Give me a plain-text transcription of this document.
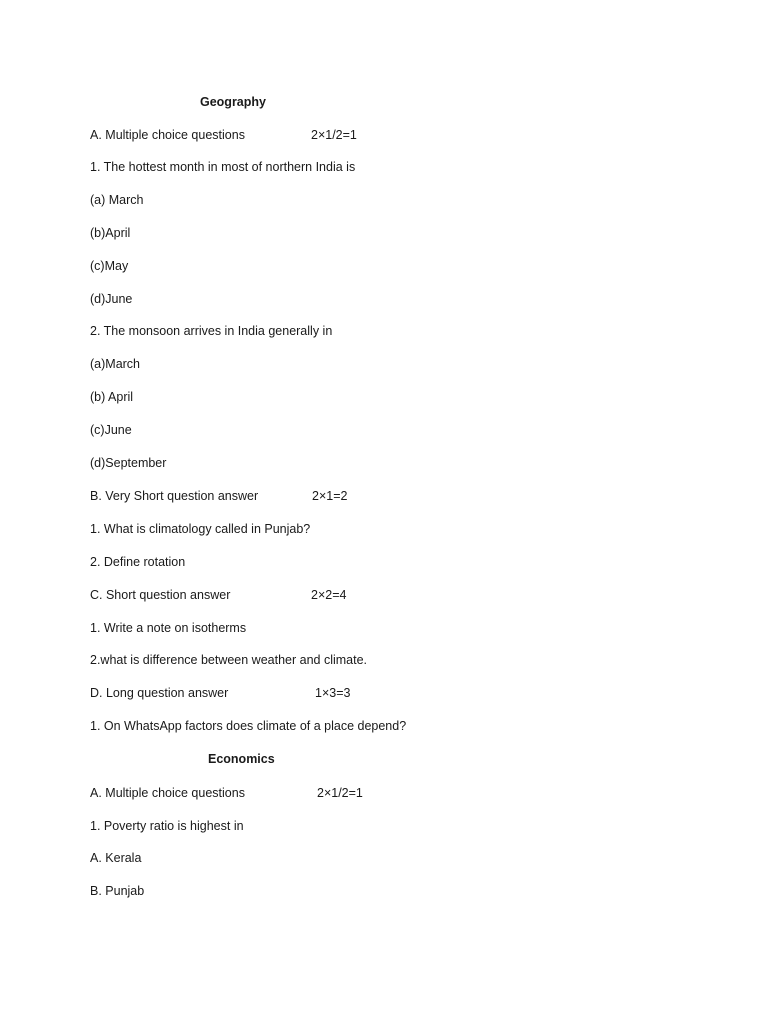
Geography
A. Multiple choice questions	2×1/2=1
1. The hottest month in most of northern India is
(a) March
(b)April
(c)May
(d)June
2. The monsoon arrives in India generally in
(a)March
(b) April
(c)June
(d)September
B. Very Short question answer	2×1=2
1. What is climatology called in Punjab?
2. Define rotation
C. Short question answer	2×2=4
1. Write a note on isotherms
2.what is difference between weather and climate.
D. Long question answer	1×3=3
1. On WhatsApp factors does climate of a place depend?
Economics
A. Multiple choice questions	2×1/2=1
1. Poverty ratio is highest in
A. Kerala
B. Punjab
